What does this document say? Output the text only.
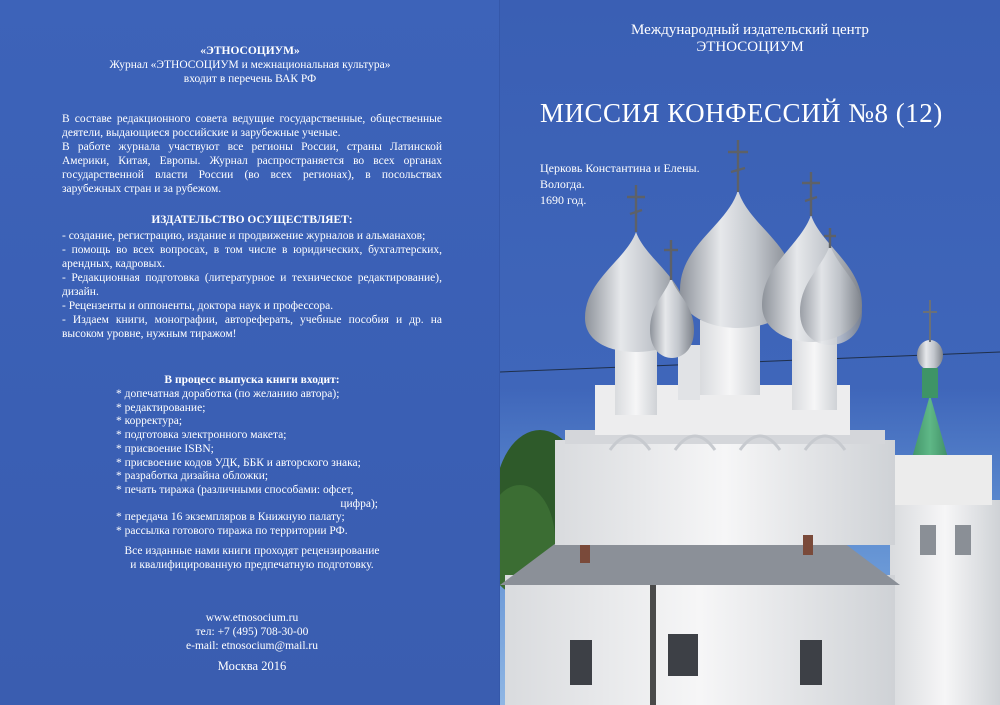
«ЭТНОСОЦИУМ»
Журнал «ЭТНОСОЦИУМ и межнациональная культура»
входит в перечень ВАК РФ

В составе редакционного совета ведущие государственные, общественные деятели, выдающиеся российские и зарубежные ученые.

В работе журнала участвуют все регионы России, страны Латинской Америки, Китая, Европы. Журнал распространяется во всех органах государственной власти России (во всех регионах), в посольствах зарубежных стран и за рубежом.

ИЗДАТЕЛЬСТВО ОСУЩЕСТВЛЯЕТ:
- создание, регистрацию, издание и продвижение журналов и альманахов;
- помощь во всех вопросах, в том числе в юридических, бухгалтерских, арендных, кадровых.
- Редакционная подготовка (литературное и техническое редактирование), дизайн.
- Рецензенты и оппоненты, доктора наук и профессора.
- Издаем книги, монографии, автореферать, учебные пособия и др. на высоком уровне, нужным тиражом!
В процесс выпуска книги входит:
* допечатная доработка (по желанию автора);
* редактирование;
* корректура;
* подготовка электронного макета;
* присвоение ISBN;
* присвоение кодов УДК, ББК и авторского знака;
* разработка дизайна обложки;
* печать тиража (различными способами: офсет,
цифра);
* передача 16 экземпляров в Книжную палату;
* рассылка готового тиража по территории РФ.
Все изданные нами книги проходят рецензирование
и квалифицированную предпечатную подготовку.
www.etnosocium.ru
тел: +7 (495) 708-30-00
e-mail: etnosocium@mail.ru
Москва 2016
Международный издательский центр
ЭТНОСОЦИУМ
МИССИЯ КОНФЕССИЙ №8 (12)
Церковь Константина и Елены.
Вологда.
1690 год.
